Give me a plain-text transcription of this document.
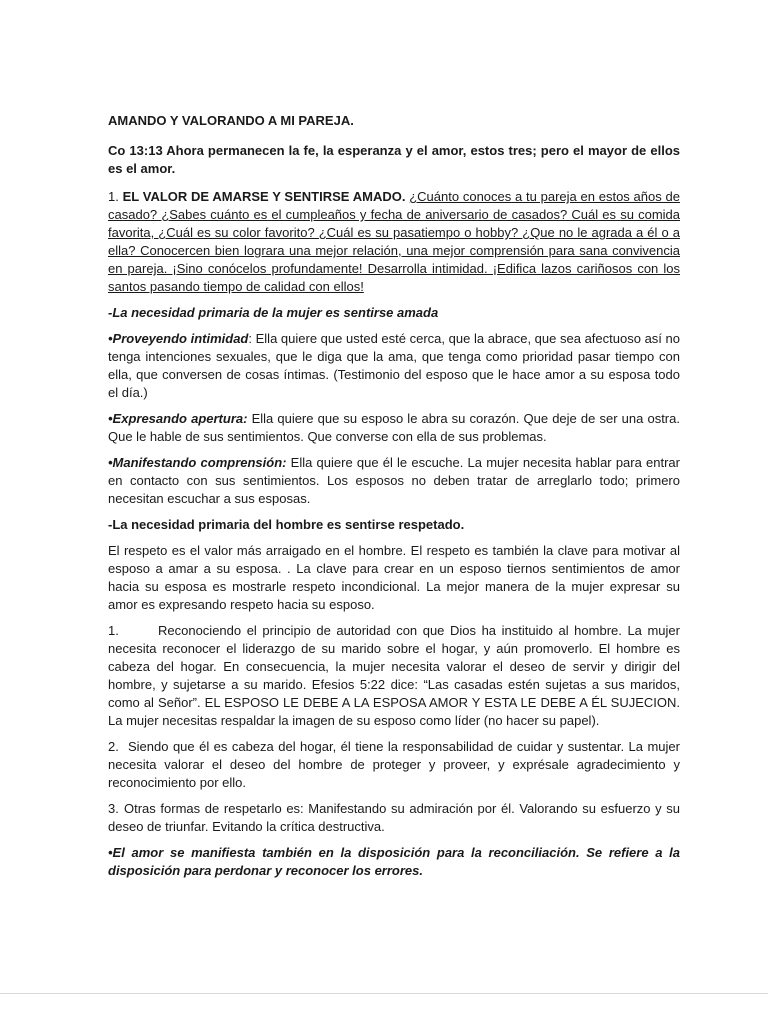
AMANDO Y VALORANDO A MI PAREJA.

Co 13:13 Ahora permanecen la fe, la esperanza y el amor, estos tres; pero el mayor de ellos es el amor.

1. EL VALOR DE AMARSE Y SENTIRSE AMADO. ¿Cuánto conoces a tu pareja en estos años de casado? ¿Sabes cuánto es el cumpleaños y fecha de aniversario de casados? Cuál es su comida favorita, ¿Cuál es su color favorito? ¿Cuál es su pasatiempo o hobby? ¿Que no le agrada a él o a ella? Conocercen bien lograra una mejor relación, una mejor comprensión para sana convivencia en pareja. ¡Sino conócelos profundamente! Desarrolla intimidad. ¡Edifica lazos cariñosos con los santos pasando tiempo de calidad con ellos!

-La necesidad primaria de la mujer es sentirse amada

•Proveyendo intimidad: Ella quiere que usted esté cerca, que la abrace, que sea afectuoso así no tenga intenciones sexuales, que le diga que la ama, que tenga como prioridad pasar tiempo con ella, que conversen de cosas íntimas. (Testimonio del esposo que le hace amor a su esposa todo el día.)

•Expresando apertura: Ella quiere que su esposo le abra su corazón. Que deje de ser una ostra. Que le hable de sus sentimientos. Que converse con ella de sus problemas.

•Manifestando comprensión: Ella quiere que él le escuche. La mujer necesita hablar para entrar en contacto con sus sentimientos. Los esposos no deben tratar de arreglarlo todo; primero necesitan escuchar a sus esposas.

-La necesidad primaria del hombre es sentirse respetado.

El respeto es el valor más arraigado en el hombre. El respeto es también la clave para motivar al esposo a amar a su esposa. . La clave para crear en un esposo tiernos sentimientos de amor hacia su esposa es mostrarle respeto incondicional. La mejor manera de la mujer expresar su amor es expresando respeto hacia su esposo.

1.	Reconociendo el principio de autoridad con que Dios ha instituido al hombre. La mujer necesita reconocer el liderazgo de su marido sobre el hogar, y aún promoverlo. El hombre es cabeza del hogar. En consecuencia, la mujer necesita valorar el deseo de servir y dirigir del hombre, y sujetarse a su marido. Efesios 5:22 dice: “Las casadas estén sujetas a sus maridos, como al Señor”. EL ESPOSO LE DEBE A LA ESPOSA AMOR Y ESTA LE DEBE A ÉL SUJECION. La mujer necesitas respaldar la imagen de su esposo como líder (no hacer su papel).

2. Siendo que él es cabeza del hogar, él tiene la responsabilidad de cuidar y sustentar. La mujer necesita valorar el deseo del hombre de proteger y proveer, y exprésale agradecimiento y reconocimiento por ello.

3. Otras formas de respetarlo es: Manifestando su admiración por él. Valorando su esfuerzo y su deseo de triunfar. Evitando la crítica destructiva.

•El amor se manifiesta también en la disposición para la reconciliación. Se refiere a la disposición para perdonar y reconocer los errores.
